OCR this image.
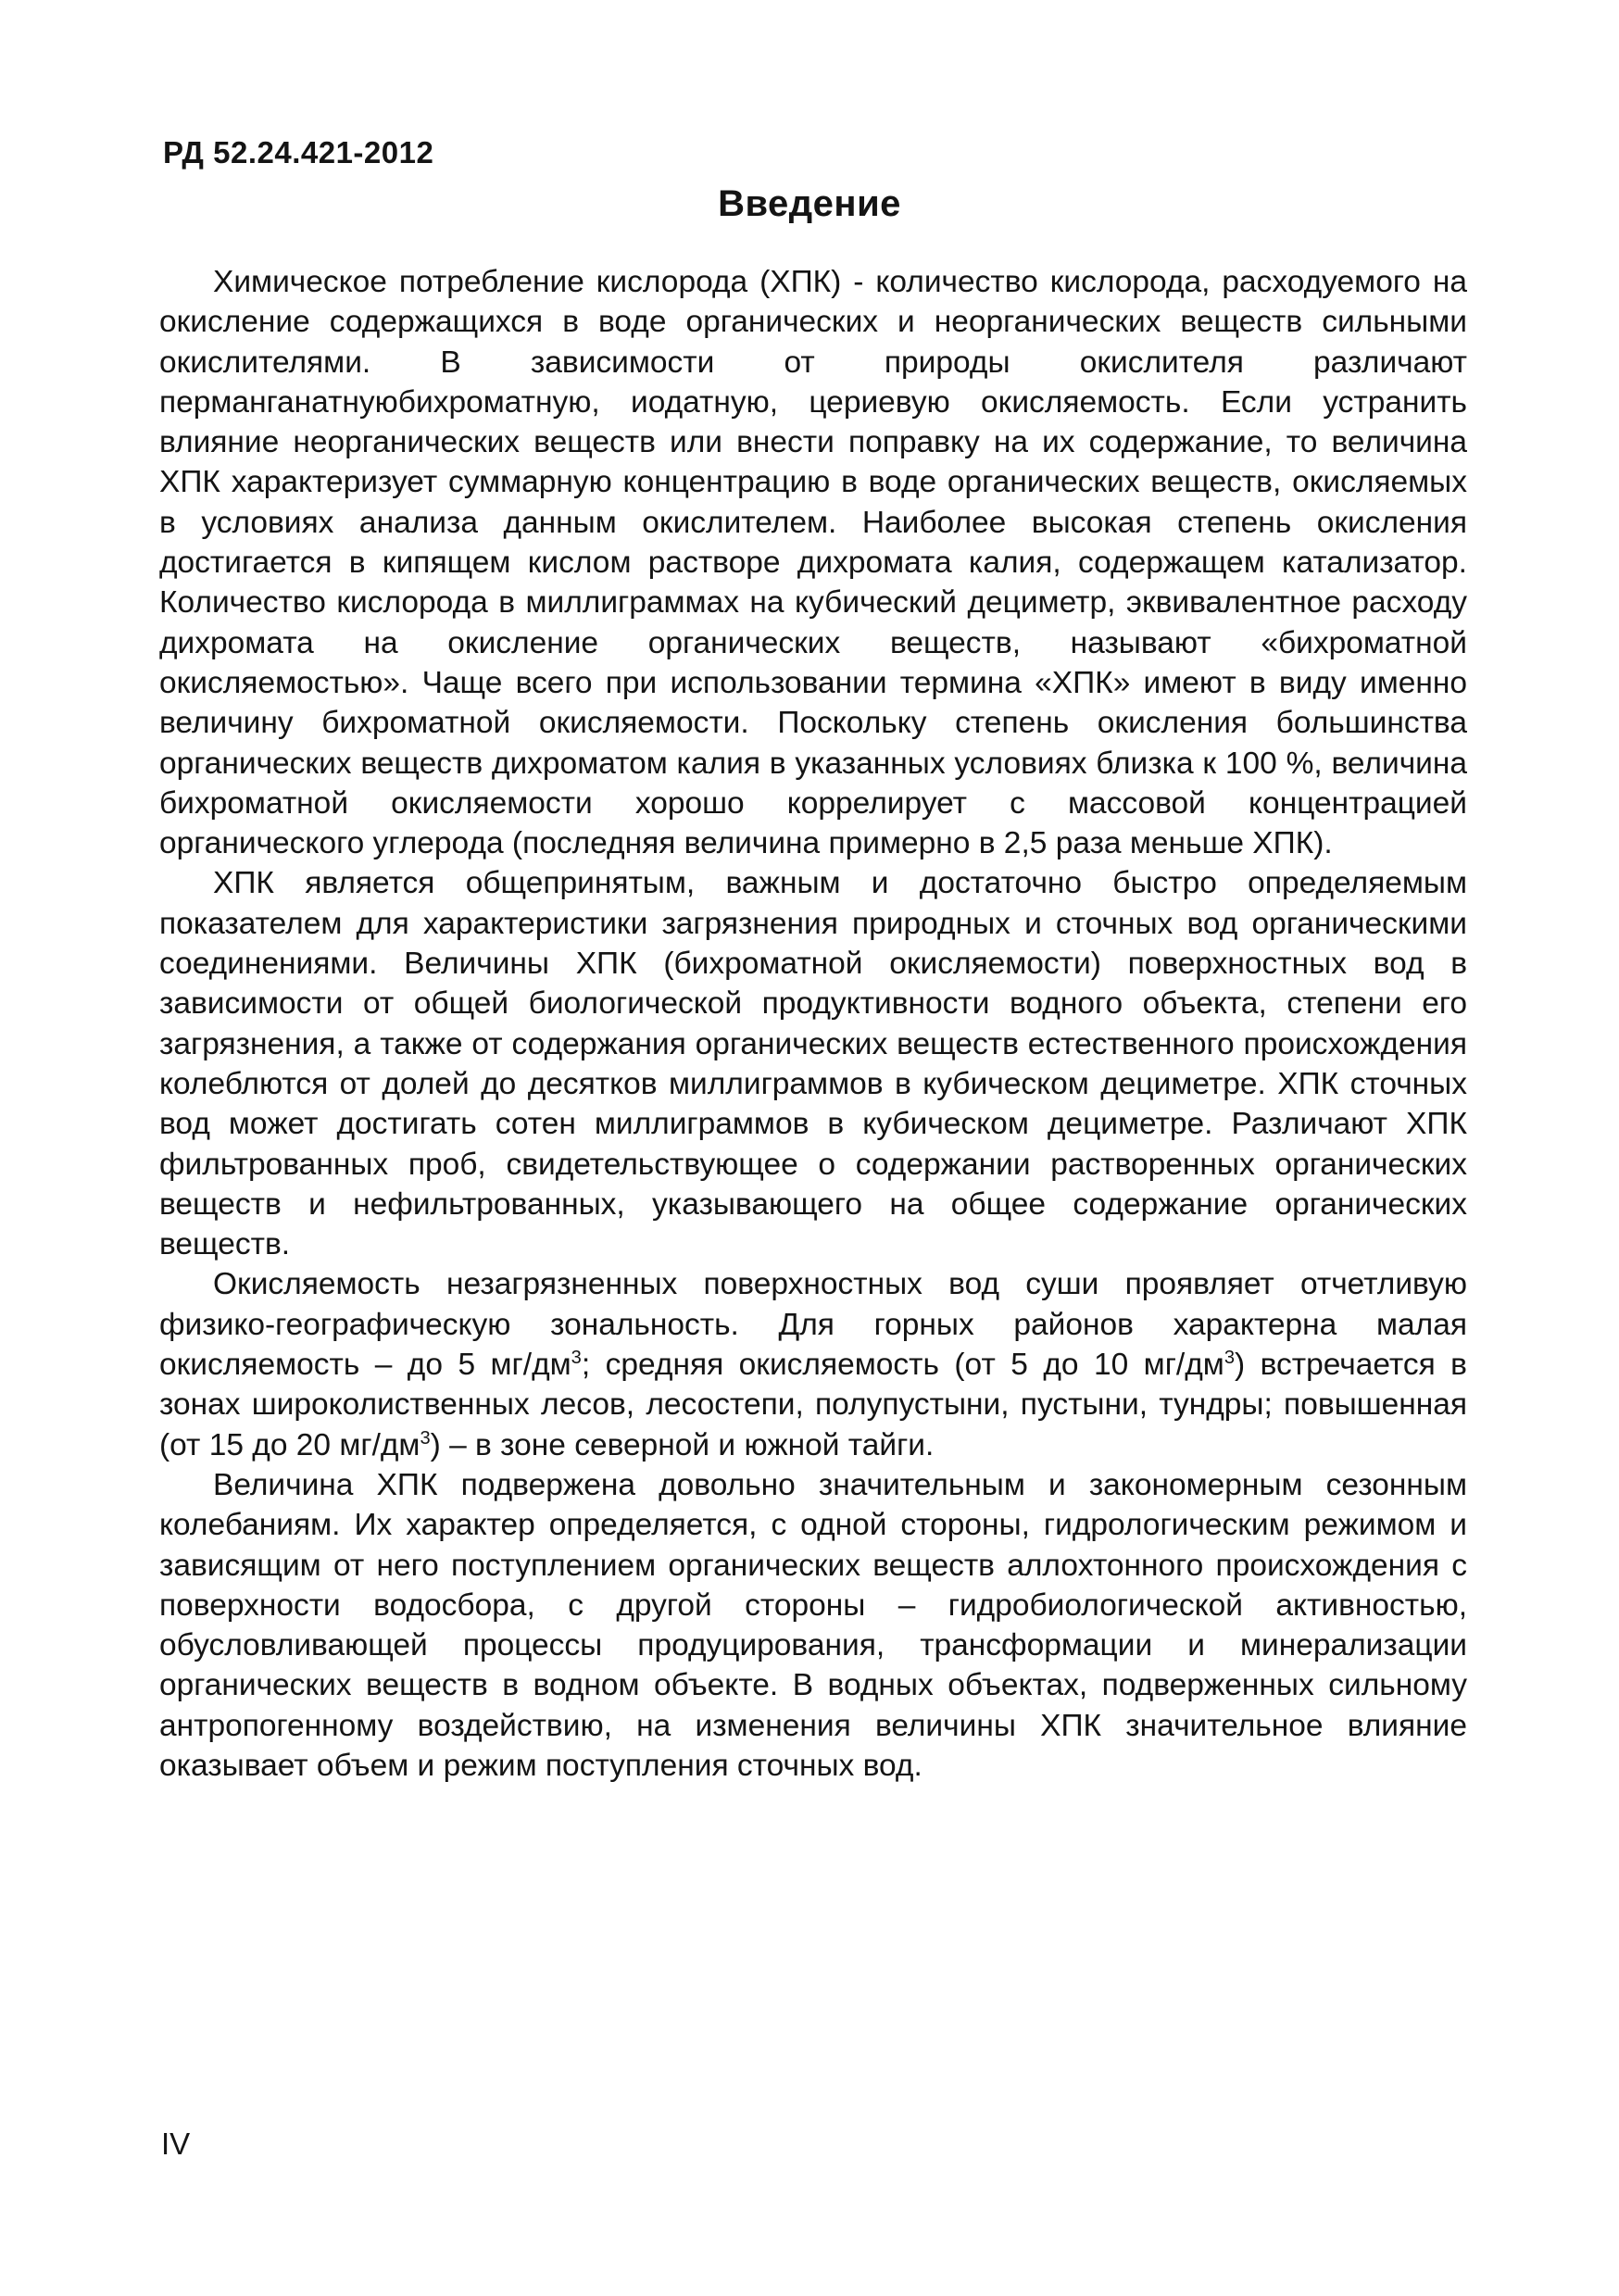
РД 52.24.421-2012

Введение

Химическое потребление кислорода (ХПК) - количество кислорода, расходуемого на окисление содержащихся в воде органических и неорганических веществ сильными окислителями. В зависимости от природы окислителя различают перманганатнуюбихроматную, иодатную, цериевую окисляемость. Если устранить влияние неорганических веществ или внести поправку на их содержание, то величина ХПК характеризует суммарную концентрацию в воде органических веществ, окисляемых в условиях анализа данным окислителем. Наиболее высокая степень окисления достигается в кипящем кислом растворе дихромата калия, содержащем катализатор. Количество кислорода в миллиграммах на кубический дециметр, эквивалентное расходу дихромата на окисление органических веществ, называют «бихроматной окисляемостью». Чаще всего при использовании термина «ХПК» имеют в виду именно величину бихроматной окисляемости. Поскольку степень окисления большинства органических веществ дихроматом калия в указанных условиях близка к 100 %, величина бихроматной окисляемости хорошо коррелирует с массовой концентрацией органического углерода (последняя величина примерно в 2,5 раза меньше ХПК).

ХПК является общепринятым, важным и достаточно быстро определяемым показателем для характеристики загрязнения природных и сточных вод органическими соединениями. Величины ХПК (бихроматной окисляемости) поверхностных вод в зависимости от общей биологической продуктивности водного объекта, степени его загрязнения, а также от содержания органических веществ естественного происхождения колеблются от долей до десятков миллиграммов в кубическом дециметре. ХПК сточных вод может достигать сотен миллиграммов в кубическом дециметре. Различают ХПК фильтрованных проб, свидетельствующее о содержании растворенных органических веществ и нефильтрованных, указывающего на общее содержание органических веществ.

Окисляемость незагрязненных поверхностных вод суши проявляет отчетливую физико-географическую зональность. Для горных районов характерна малая окисляемость – до 5 $мг/дм^3$; средняя окисляемость (от 5 до 10 $мг/дм^3$) встречается в зонах широколиственных лесов, лесостепи, полупустыни, пустыни, тундры; повышенная (от 15 до 20 $мг/дм^3$) – в зоне северной и южной тайги.

Величина ХПК подвержена довольно значительным и закономерным сезонным колебаниям. Их характер определяется, с одной стороны, гидрологическим режимом и зависящим от него поступлением органических веществ аллохтонного происхождения с поверхности водосбора, с другой стороны – гидробиологической активностью, обусловливающей процессы продуцирования, трансформации и минерализации органических веществ в водном объекте. В водных объектах, подверженных сильному антропогенному воздействию, на изменения величины ХПК значительное влияние оказывает объем и режим поступления сточных вод.

IV
